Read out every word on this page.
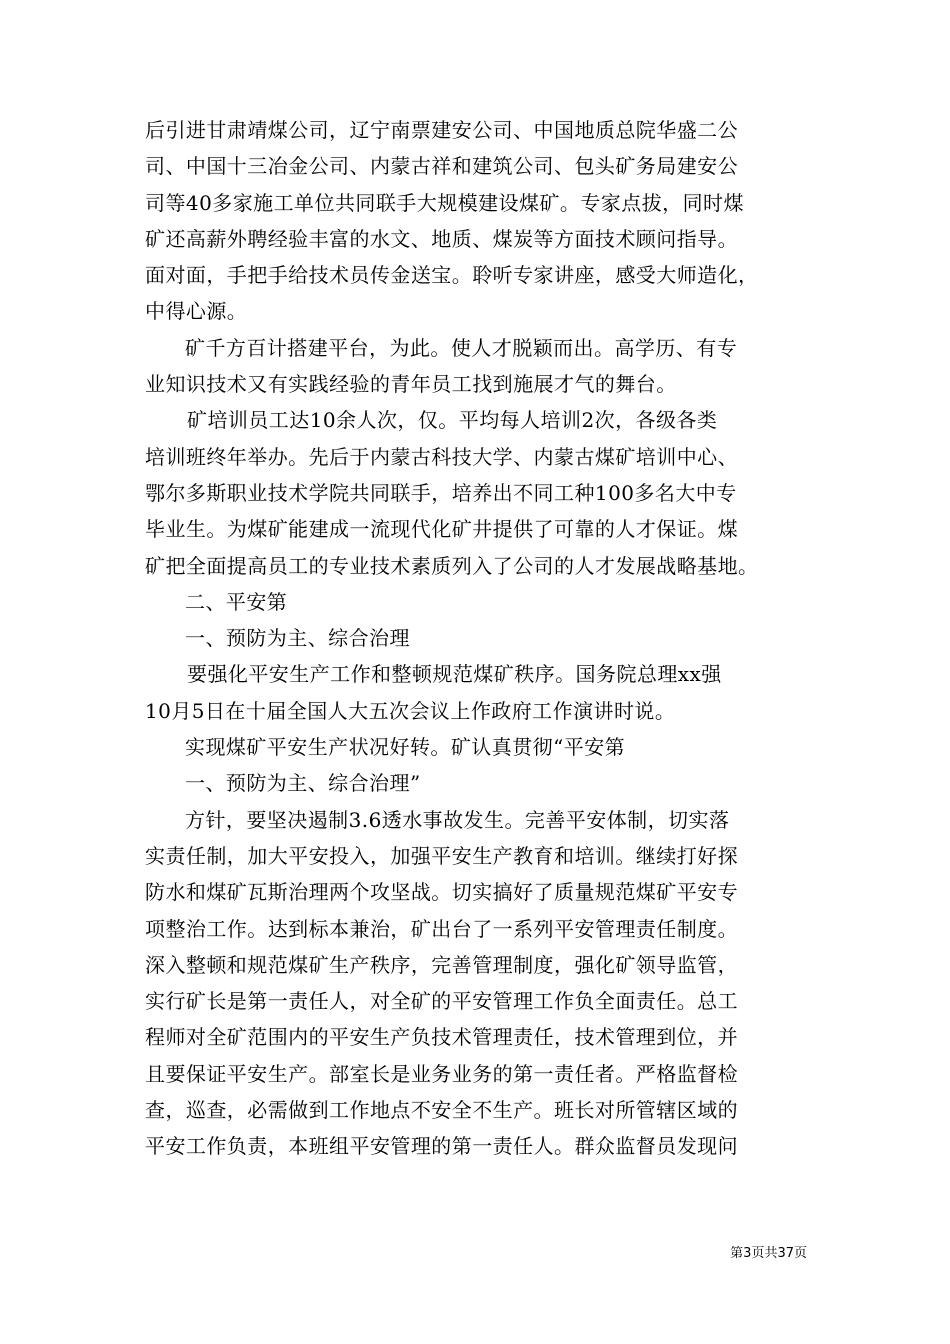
后引进甘肃靖煤公司，辽宁南票建安公司、中国地质总院华盛二公
司、中国十三冶金公司、内蒙古祥和建筑公司、包头矿务局建安公
司等40多家施工单位共同联手大规模建设煤矿。专家点拔，同时煤
矿还高薪外聘经验丰富的水文、地质、煤炭等方面技术顾问指导。
面对面，手把手给技术员传金送宝。聆听专家讲座，感受大师造化，
中得心源。
矿千方百计搭建平台，为此。使人才脱颖而出。高学历、有专
业知识技术又有实践经验的青年员工找到施展才气的舞台。
矿培训员工达10余人次，仅。平均每人培训2次，各级各类
培训班终年举办。先后于内蒙古科技大学、内蒙古煤矿培训中心、
鄂尔多斯职业技术学院共同联手，培养出不同工种100多名大中专
毕业生。为煤矿能建成一流现代化矿井提供了可靠的人才保证。煤
矿把全面提高员工的专业技术素质列入了公司的人才发展战略基地。
二、平安第
一、预防为主、综合治理
要强化平安生产工作和整顿规范煤矿秩序。国务院总理xx强
10月5日在十届全国人大五次会议上作政府工作演讲时说。
实现煤矿平安生产状况好转。矿认真贯彻“平安第
一、预防为主、综合治理”
方针，要坚决遏制3.6透水事故发生。完善平安体制，切实落
实责任制，加大平安投入，加强平安生产教育和培训。继续打好探
防水和煤矿瓦斯治理两个攻坚战。切实搞好了质量规范煤矿平安专
项整治工作。达到标本兼治，矿出台了一系列平安管理责任制度。
深入整顿和规范煤矿生产秩序，完善管理制度，强化矿领导监管，
实行矿长是第一责任人，对全矿的平安管理工作负全面责任。总工
程师对全矿范围内的平安生产负技术管理责任，技术管理到位，并
且要保证平安生产。部室长是业务业务的第一责任者。严格监督检
查，巡查，必需做到工作地点不安全不生产。班长对所管辖区域的
平安工作负责，本班组平安管理的第一责任人。群众监督员发现问
第3页共37页
